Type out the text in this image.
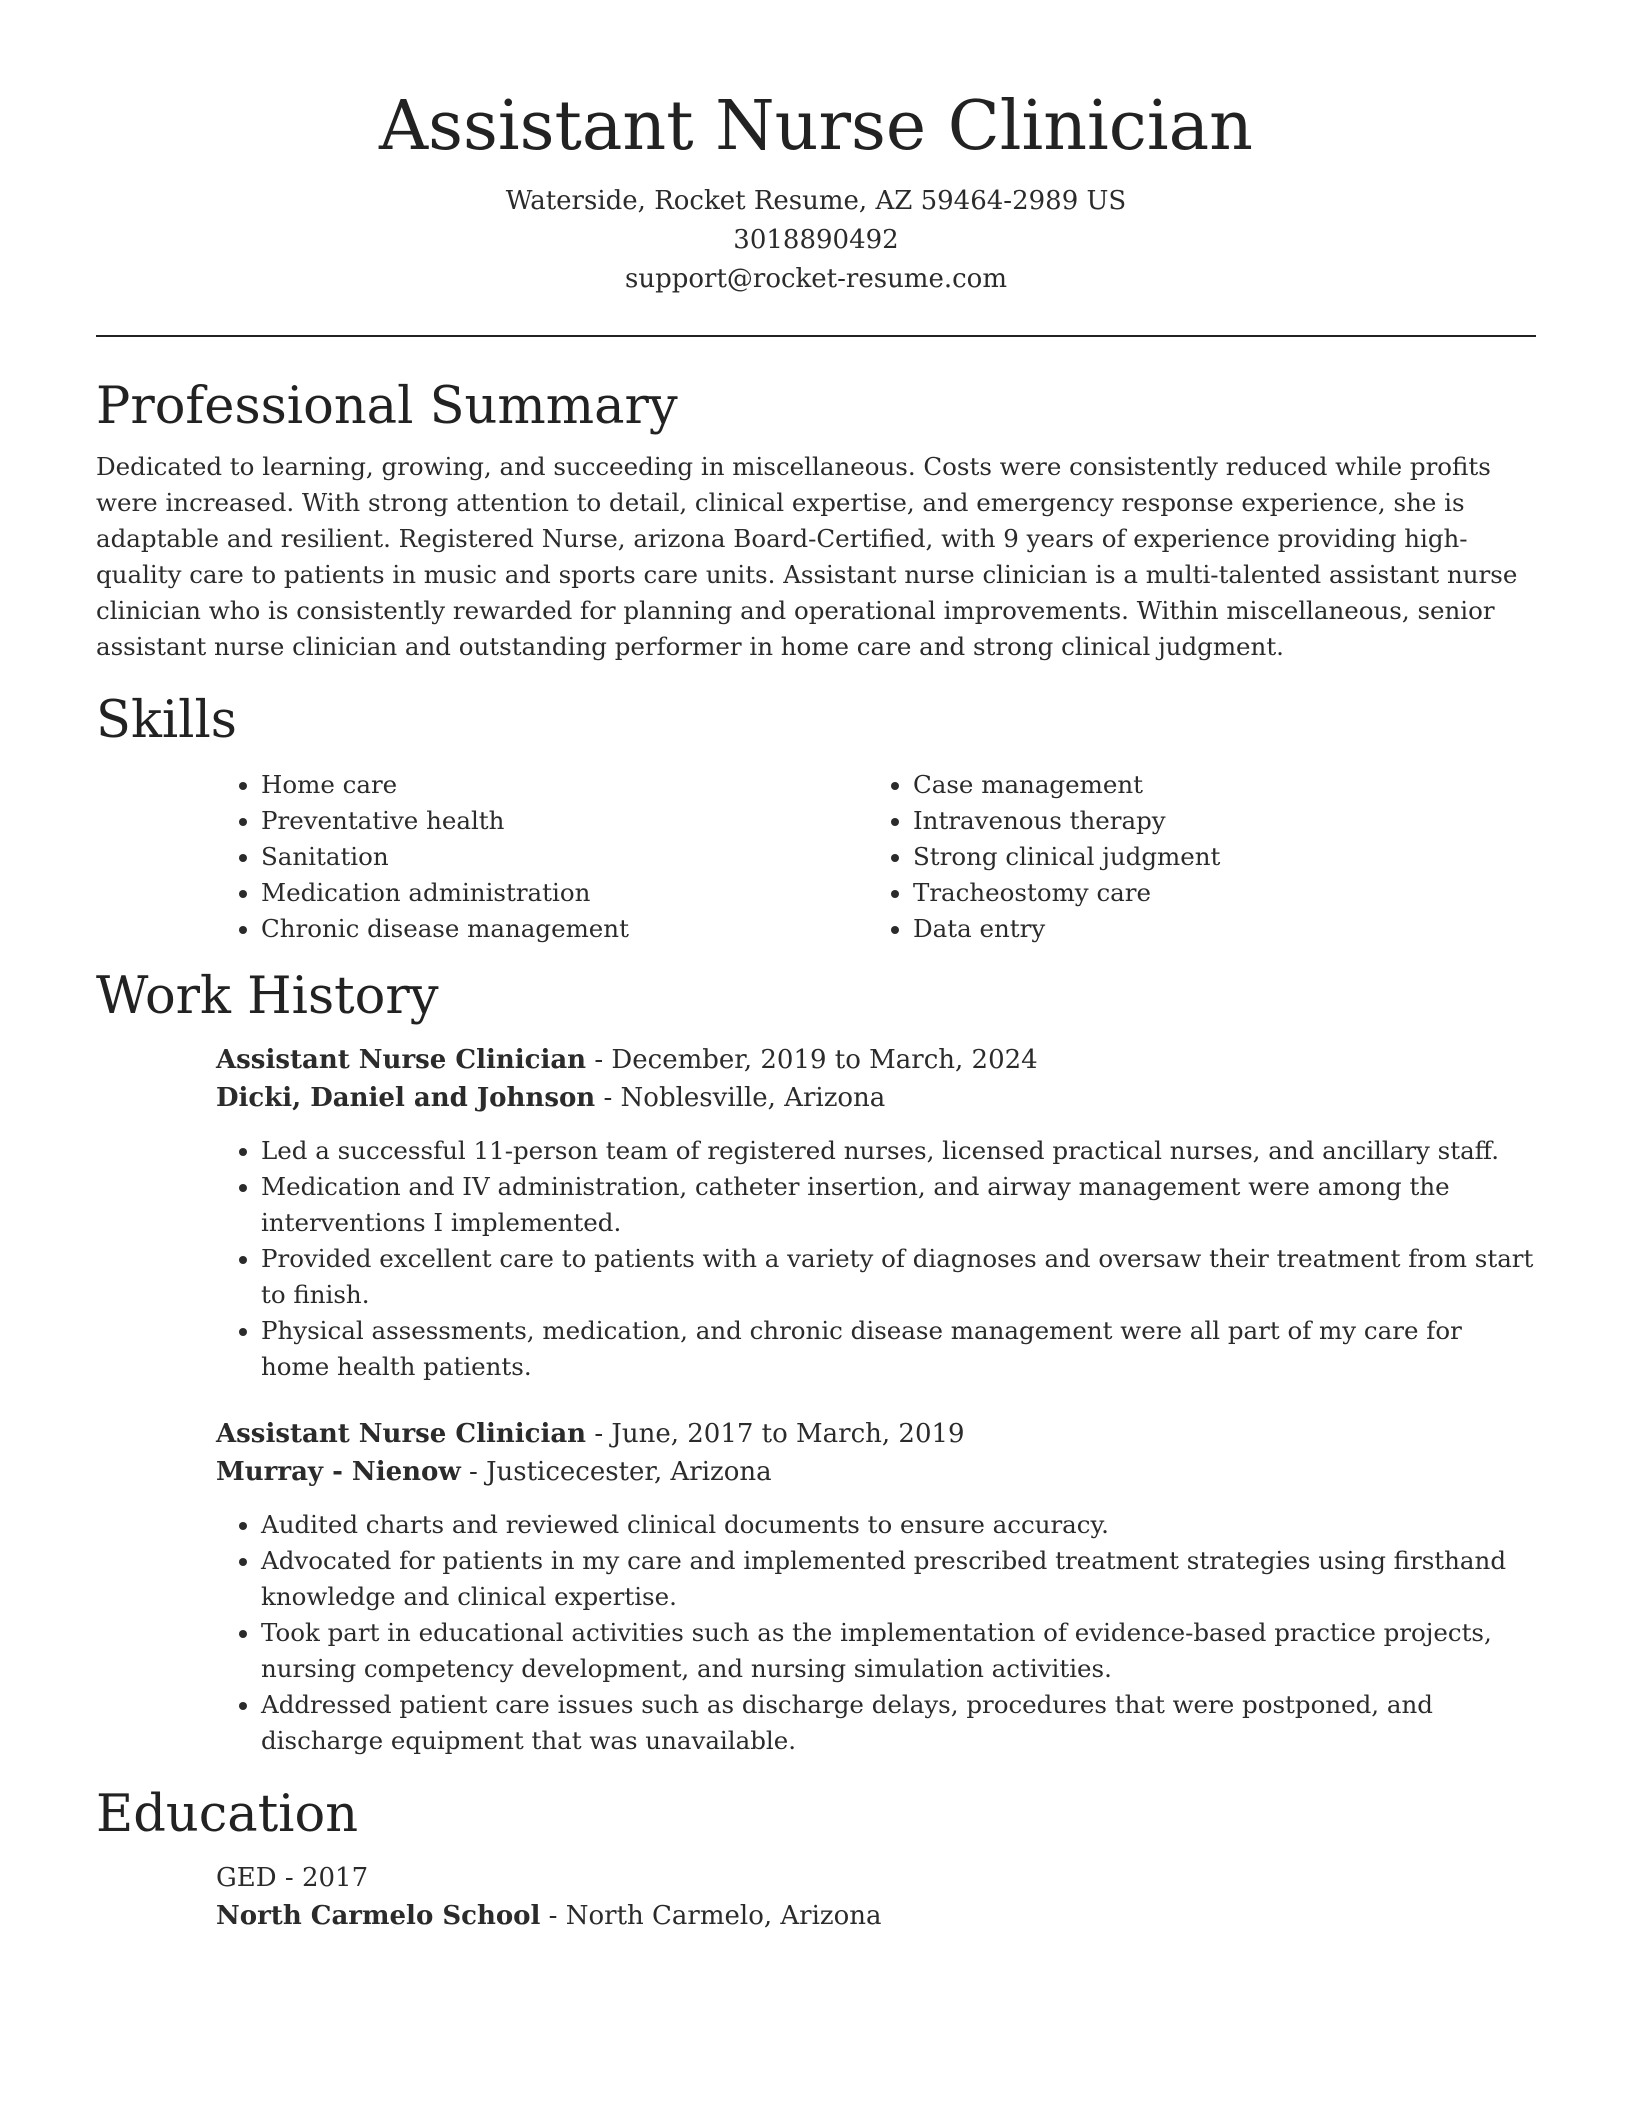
Assistant Nurse Clinician
Waterside, Rocket Resume, AZ 59464-2989 US
3018890492
support@rocket-resume.com
Professional Summary

Dedicated to learning, growing, and succeeding in miscellaneous. Costs were consistently reduced while profits were increased. With strong attention to detail, clinical expertise, and emergency response experience, she is adaptable and resilient. Registered Nurse, arizona Board-Certified, with 9 years of experience providing high-quality care to patients in music and sports care units. Assistant nurse clinician is a multi-talented assistant nurse clinician who is consistently rewarded for planning and operational improvements. Within miscellaneous, senior assistant nurse clinician and outstanding performer in home care and strong clinical judgment.

Skills
• Home care
• Preventative health
• Sanitation
• Medication administration
• Chronic disease management
• Case management
• Intravenous therapy
• Strong clinical judgment
• Tracheostomy care
• Data entry
Work History
Assistant Nurse Clinician - December, 2019 to March, 2024
Dicki, Daniel and Johnson - Noblesville, Arizona
• Led a successful 11-person team of registered nurses, licensed practical nurses, and ancillary staff.
• Medication and IV administration, catheter insertion, and airway management were among the interventions I implemented.
• Provided excellent care to patients with a variety of diagnoses and oversaw their treatment from start to finish.
• Physical assessments, medication, and chronic disease management were all part of my care for home health patients.
Assistant Nurse Clinician - June, 2017 to March, 2019
Murray - Nienow - Justicecester, Arizona
• Audited charts and reviewed clinical documents to ensure accuracy.
• Advocated for patients in my care and implemented prescribed treatment strategies using firsthand knowledge and clinical expertise.
• Took part in educational activities such as the implementation of evidence-based practice projects, nursing competency development, and nursing simulation activities.
• Addressed patient care issues such as discharge delays, procedures that were postponed, and discharge equipment that was unavailable.
Education
GED - 2017
North Carmelo School - North Carmelo, Arizona
